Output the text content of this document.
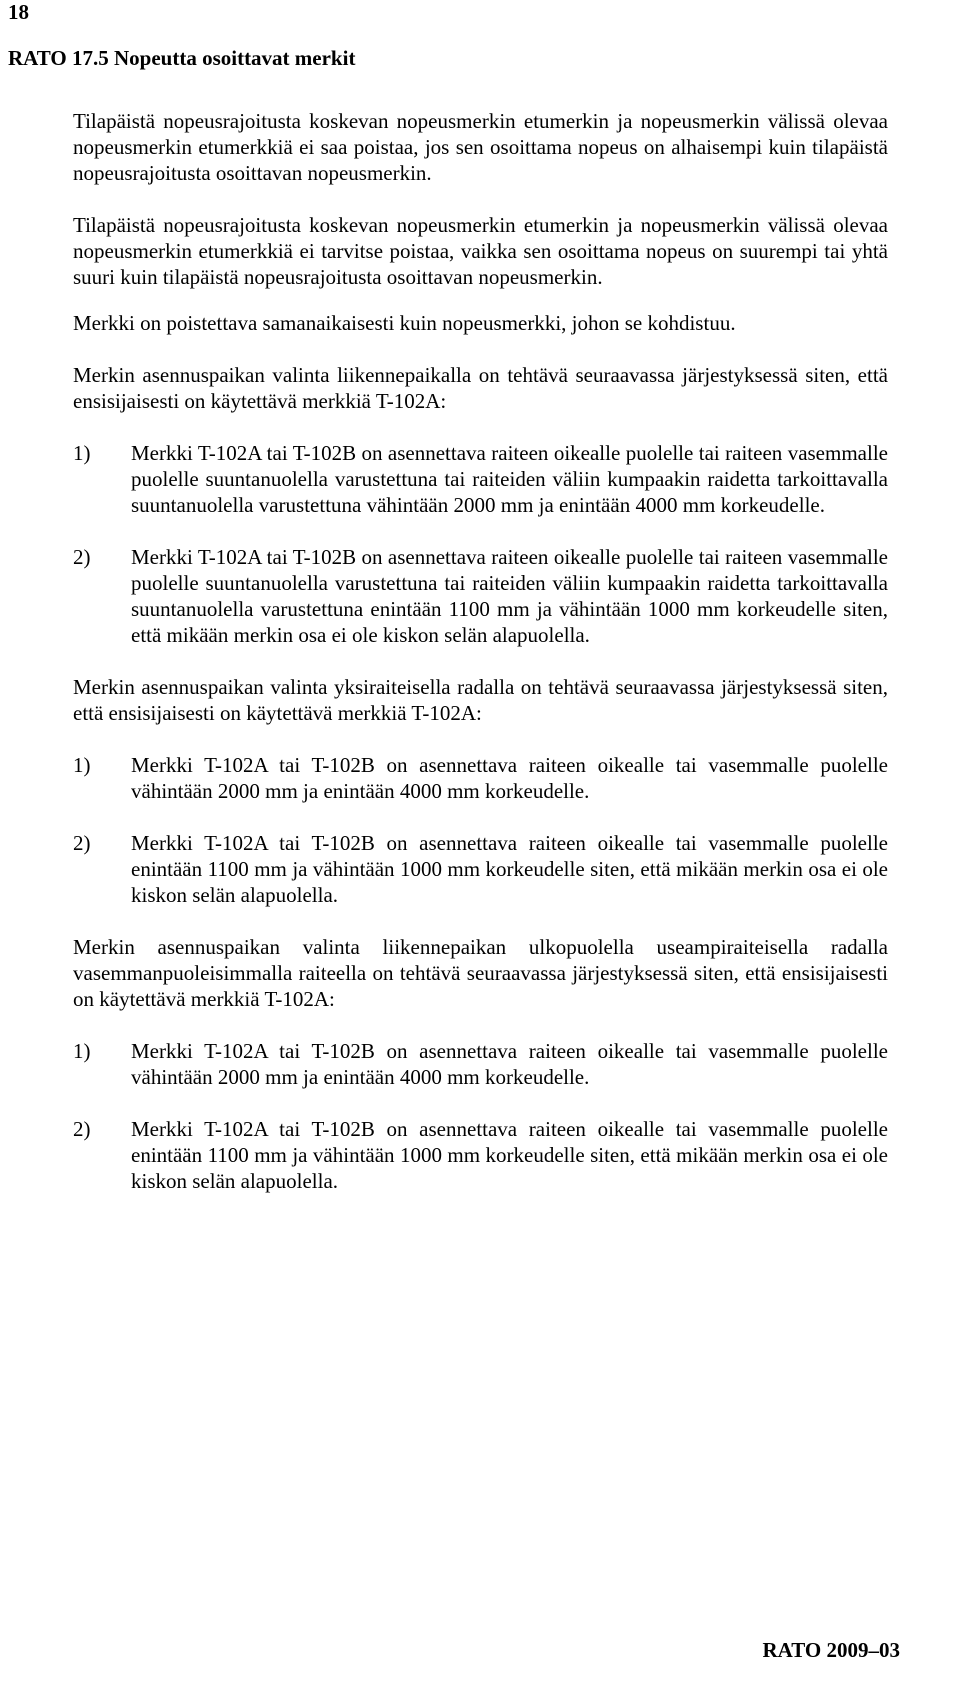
18
RATO 17.5 Nopeutta osoittavat merkit

Tilapäistä nopeusrajoitusta koskevan nopeusmerkin etumerkin ja nopeusmerkin välissä olevaa nopeusmerkin etumerkkiä ei saa poistaa, jos sen osoittama nopeus on alhaisempi kuin tilapäistä nopeusrajoitusta osoittavan nopeusmerkin.

Tilapäistä nopeusrajoitusta koskevan nopeusmerkin etumerkin ja nopeusmerkin välissä olevaa nopeusmerkin etumerkkiä ei tarvitse poistaa, vaikka sen osoittama nopeus on suurempi tai yhtä suuri kuin tilapäistä nopeusrajoitusta osoittavan nopeusmerkin.

Merkki on poistettava samanaikaisesti kuin nopeusmerkki, johon se kohdistuu.

Merkin asennuspaikan valinta liikennepaikalla on tehtävä seuraavassa järjestyksessä siten, että ensisijaisesti on käytettävä merkkiä T-102A:

1)	Merkki T-102A tai T-102B on asennettava raiteen oikealle puolelle tai raiteen vasemmalle puolelle suuntanuolella varustettuna tai raiteiden väliin kumpaakin raidetta tarkoittavalla suuntanuolella varustettuna vähintään 2000 mm ja enintään 4000 mm korkeudelle.
2)	Merkki T-102A tai T-102B on asennettava raiteen oikealle puolelle tai raiteen vasemmalle puolelle suuntanuolella varustettuna tai raiteiden väliin kumpaakin raidetta tarkoittavalla suuntanuolella varustettuna enintään 1100 mm ja vähintään 1000 mm korkeudelle siten, että mikään merkin osa ei ole kiskon selän alapuolella.

Merkin asennuspaikan valinta yksiraiteisella radalla on tehtävä seuraavassa järjestyksessä siten, että ensisijaisesti on käytettävä merkkiä T-102A:

1)	Merkki T-102A tai T-102B on asennettava raiteen oikealle tai vasemmalle puolelle vähintään 2000 mm ja enintään 4000 mm korkeudelle.
2)	Merkki T-102A tai T-102B on asennettava raiteen oikealle tai vasemmalle puolelle enintään 1100 mm ja vähintään 1000 mm korkeudelle siten, että mikään merkin osa ei ole kiskon selän alapuolella.

Merkin asennuspaikan valinta liikennepaikan ulkopuolella useampiraiteisella radalla vasemmanpuoleisimmalla raiteella on tehtävä seuraavassa järjestyksessä siten, että ensisijaisesti on käytettävä merkkiä T-102A:

1)	Merkki T-102A tai T-102B on asennettava raiteen oikealle tai vasemmalle puolelle vähintään 2000 mm ja enintään 4000 mm korkeudelle.
2)	Merkki T-102A tai T-102B on asennettava raiteen oikealle tai vasemmalle puolelle enintään 1100 mm ja vähintään 1000 mm korkeudelle siten, että mikään merkin osa ei ole kiskon selän alapuolella.
RATO 2009–03
